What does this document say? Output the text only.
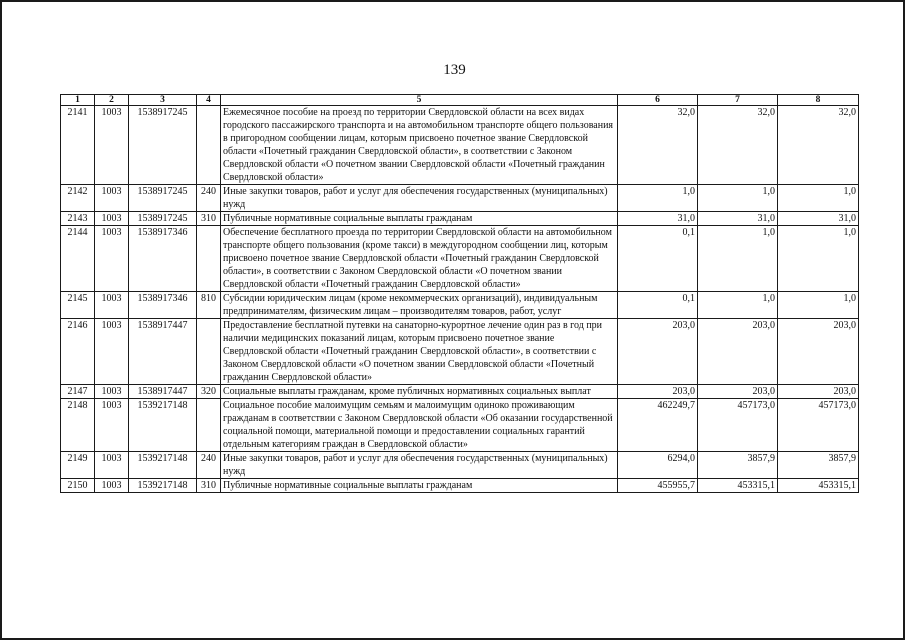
139
1	2	3	4	5	6	7	8
2141	1003	1538917245		Ежемесячное пособие на проезд по территории Свердловской области на всех видах городского пассажирского транспорта и на автомобильном транспорте общего пользования в пригородном сообщении лицам, которым присвоено почетное звание Свердловской области «Почетный гражданин Свердловской области», в соответствии с Законом Свердловской области «О почетном звании Свердловской области «Почетный гражданин Свердловской области»	32,0	32,0	32,0
2142	1003	1538917245	240	Иные закупки товаров, работ и услуг для обеспечения государственных (муниципальных) нужд	1,0	1,0	1,0
2143	1003	1538917245	310	Публичные нормативные социальные выплаты гражданам	31,0	31,0	31,0
2144	1003	1538917346		Обеспечение бесплатного проезда по территории Свердловской области на автомобильном транспорте общего пользования (кроме такси) в междугородном сообщении лиц, которым присвоено почетное звание Свердловской области «Почетный гражданин Свердловской области», в соответствии с Законом Свердловской области «О почетном звании Свердловской области «Почетный гражданин Свердловской области»	0,1	1,0	1,0
2145	1003	1538917346	810	Субсидии юридическим лицам (кроме некоммерческих организаций), индивидуальным предпринимателям, физическим лицам – производителям товаров, работ, услуг	0,1	1,0	1,0
2146	1003	1538917447		Предоставление бесплатной путевки на санаторно-курортное лечение один раз в год при наличии медицинских показаний лицам, которым присвоено почетное звание Свердловской области «Почетный гражданин Свердловской области», в соответствии с Законом Свердловской области «О почетном звании Свердловской области «Почетный гражданин Свердловской области»	203,0	203,0	203,0
2147	1003	1538917447	320	Социальные выплаты гражданам, кроме публичных нормативных социальных выплат	203,0	203,0	203,0
2148	1003	1539217148		Социальное пособие малоимущим семьям и малоимущим одиноко проживающим гражданам в соответствии с Законом Свердловской области «Об оказании государственной социальной помощи, материальной помощи и предоставлении социальных гарантий отдельным категориям граждан в Свердловской области»	462249,7	457173,0	457173,0
2149	1003	1539217148	240	Иные закупки товаров, работ и услуг для обеспечения государственных (муниципальных) нужд	6294,0	3857,9	3857,9
2150	1003	1539217148	310	Публичные нормативные социальные выплаты гражданам	455955,7	453315,1	453315,1
